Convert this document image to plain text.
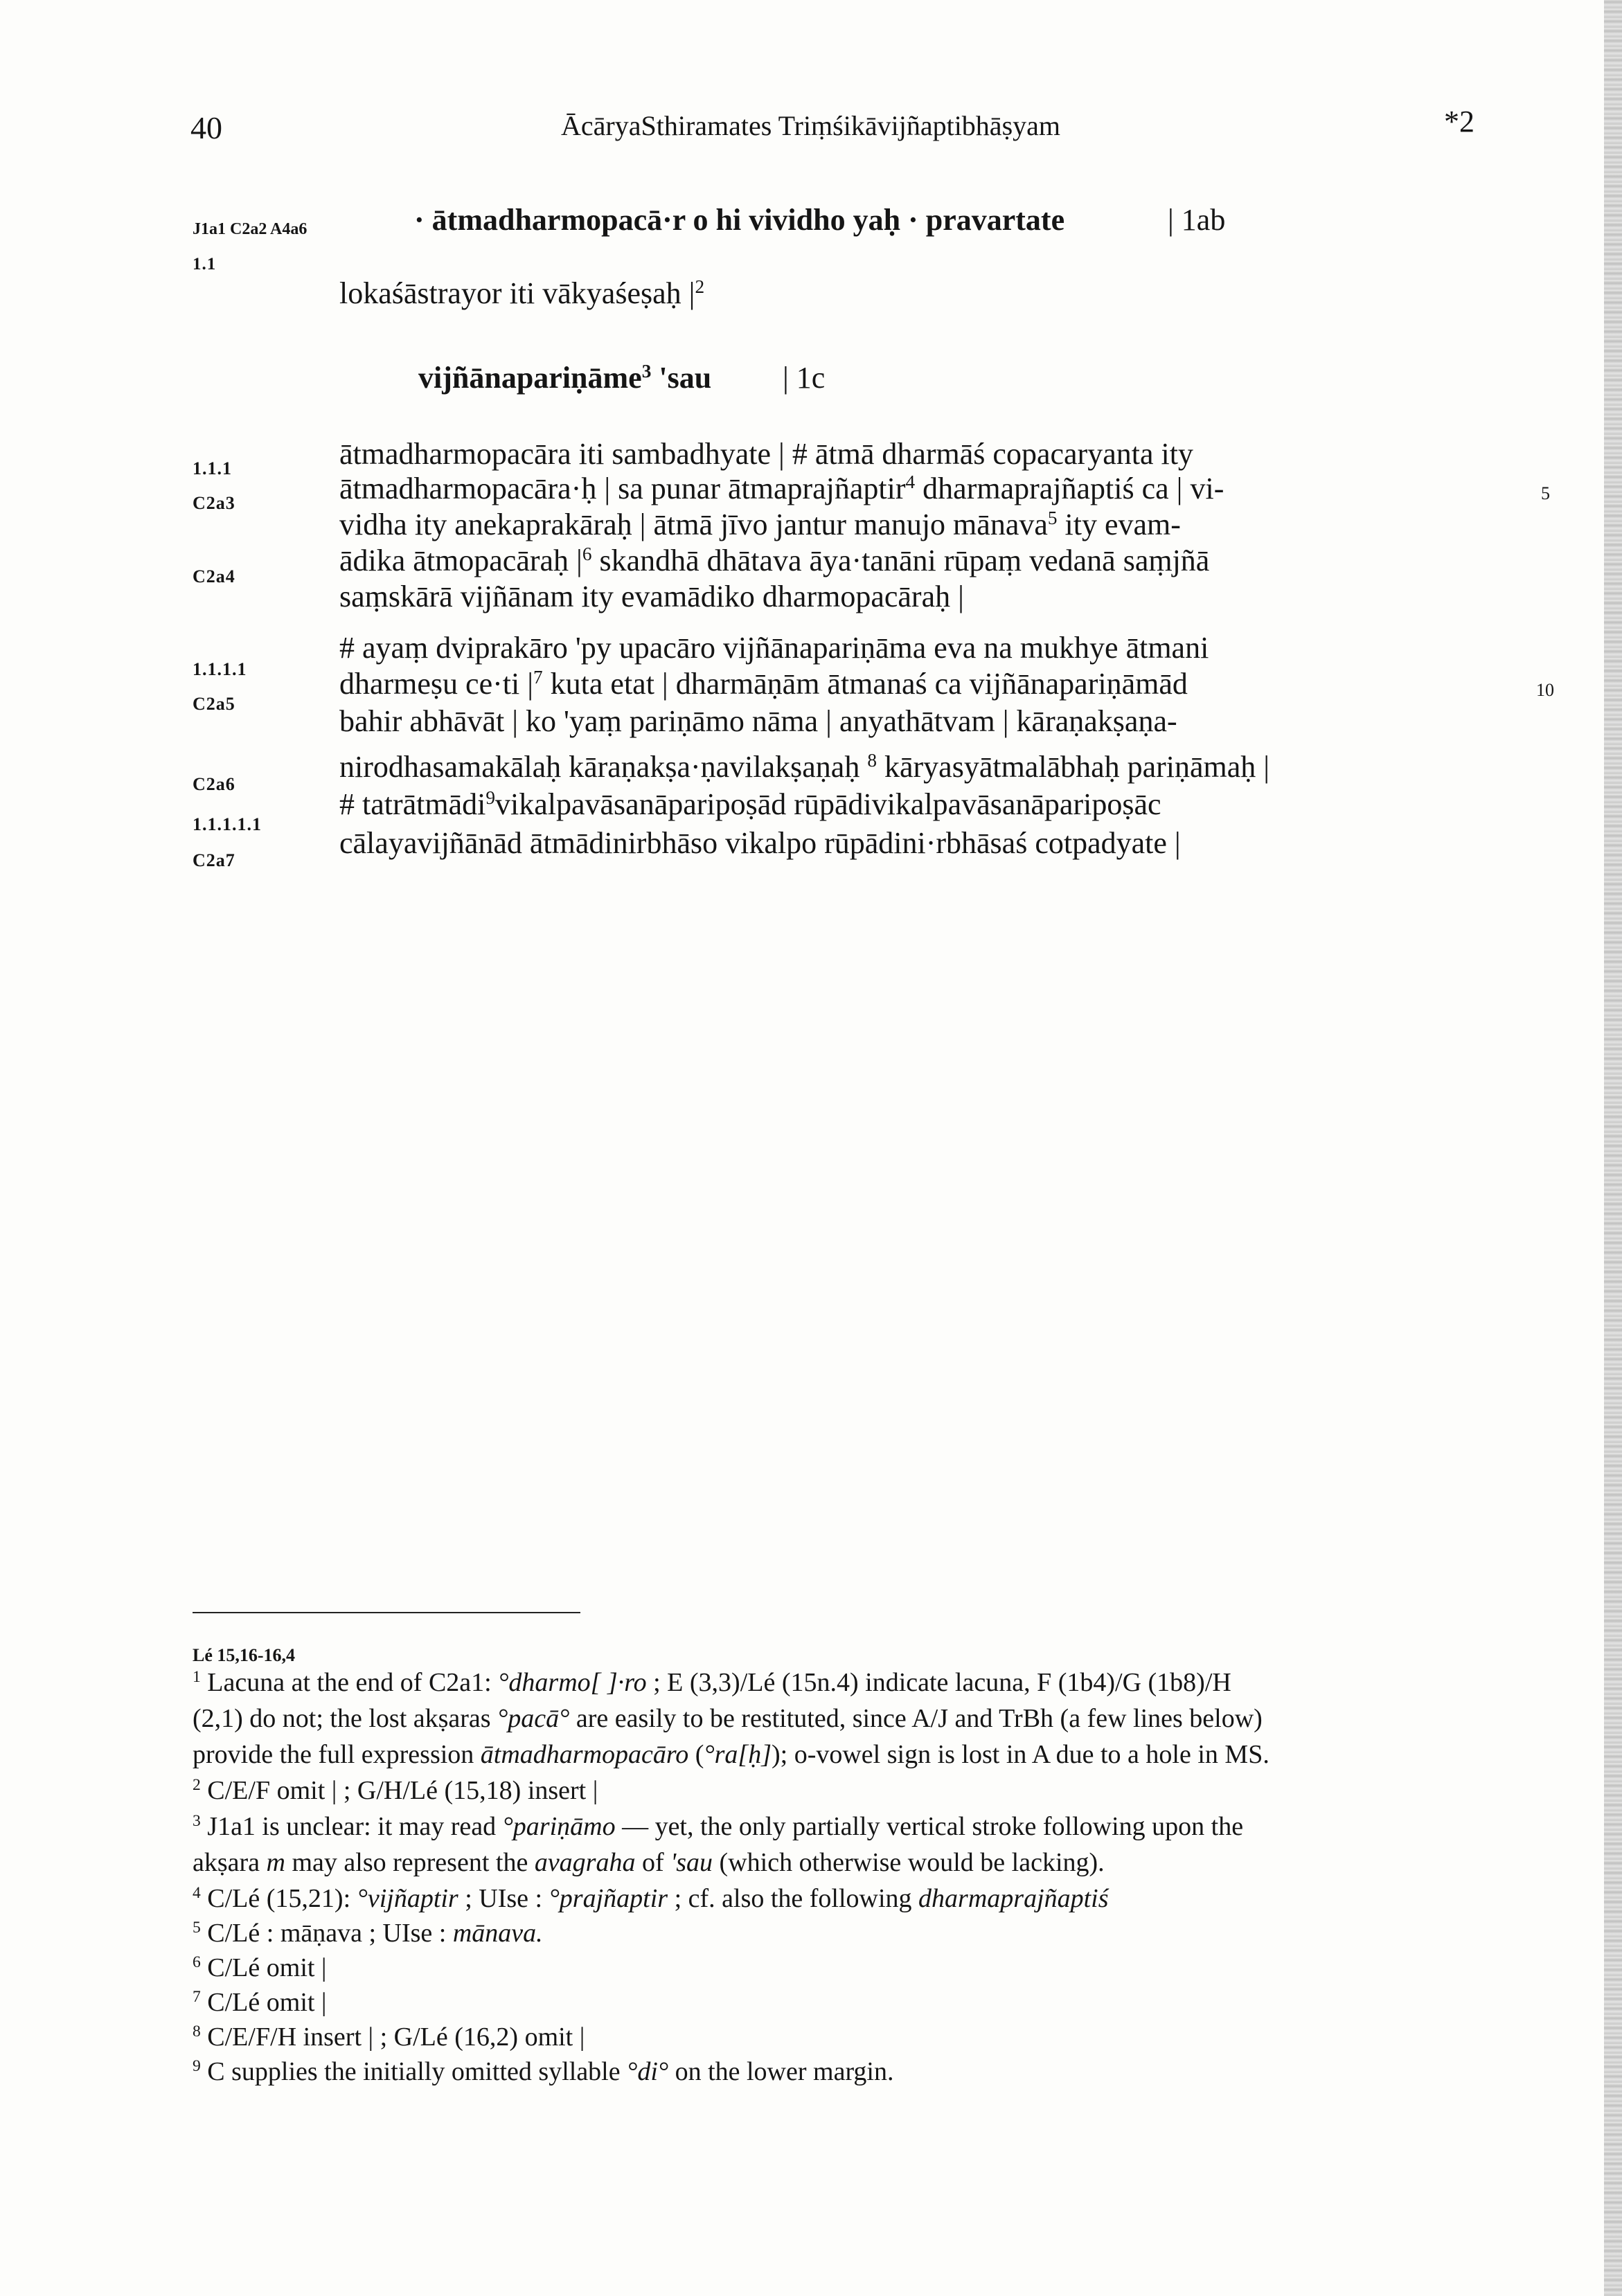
40	ĀcāryaSthiramates Triṃśikāvijñaptibhāṣyam	*2
J1a1 C2a2 A4a6	· ātmadharmopacā·r o hi vividho yaḥ · pravartate	| 1ab
1.1
lokaśāstrayor iti vākyaśeṣaḥ $|^2$
vijñānapariṇāme$^3$ 'sau | 1c
1.1.1	ātmadharmopacāra iti sambadhyate | # ātmā dharmāś copacaryanta ity
C2a3	ātmadharmopacāra·ḥ | sa punar ātmaprajñaptir$^4$ dharmaprajñaptiś ca | vi-	5
vidha ity anekaprakāraḥ | ātmā jīvo jantur manujo mānava$^5$ ity evam-
C2a4	ādika ātmopacāraḥ $|^6$ skandhā dhātava āya·tanāni rūpaṃ vedanā saṃjñā
saṃskārā vijñānam ity evamādiko dharmopacāraḥ |
1.1.1.1
# ayaṃ dviprakāro 'py upacāro vijñānapariṇāma eva na mukhye ātmani
C2a5
dharmeṣu ce·ti $|^7$ kuta etat | dharmāṇām ātmanaś ca vijñānapariṇāmād	10
bahir abhāvāt | ko 'yaṃ pariṇāmo nāma | anyathātvam | kāraṇakṣaṇa-
C2a6
nirodhasamakālaḥ kāraṇakṣa·ṇavilakṣaṇaḥ $^8$ kāryasyātmalābhaḥ pariṇāmaḥ |
1.1.1.1.1
# tatrātmādi$^9$vikalpavāsanāparipoṣād rūpādivikalpavāsanāparipoṣāc
C2a7
cālayavijñānād ātmādinirbhāso vikalpo rūpādini·rbhāsaś cotpadyate |
Lé 15,16-16,4
$^1$ Lacuna at the end of C2a1: °dharmo[ ]·ro ; E (3,3)/Lé (15n.4) indicate lacuna, F (1b4)/G (1b8)/H
(2,1) do not; the lost akṣaras °pacā° are easily to be restituted, since A/J and TrBh (a few lines below)
provide the full expression ātmadharmopacāro (°ra[ḥ]); o-vowel sign is lost in A due to a hole in MS.
$^2$ C/E/F omit | ; G/H/Lé (15,18) insert |
$^3$ J1a1 is unclear: it may read °pariṇāmo — yet, the only partially vertical stroke following upon the
akṣara m may also represent the avagraha of 'sau (which otherwise would be lacking).
$^4$ C/Lé (15,21): °vijñaptir ; UIse : °prajñaptir ; cf. also the following dharmaprajñaptiś
$^5$ C/Lé : māṇava ; UIse : mānava.
$^6$ C/Lé omit |
$^7$ C/Lé omit |
$^8$ C/E/F/H insert | ; G/Lé (16,2) omit |
$^9$ C supplies the initially omitted syllable °di° on the lower margin.
